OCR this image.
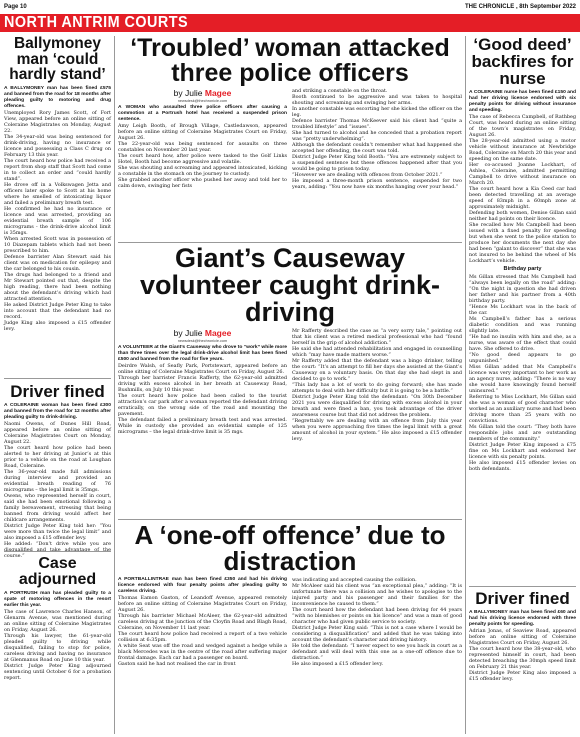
Page 10	THE CHRONICLE , 8th September 2022
NORTH ANTRIM COURTS
Ballymoney man ‘could hardly stand’

A BALLYMONEY man has been fined £575 and banned from the road for 18 months after pleading guilty to motoring and drug offences.

Unemployed Rory James Scott, of Fort View, appeared before an online sitting of Coleraine Magistrates on Monday, August 22.

The 34-year-old was being sentenced for drink-driving, having no insurance or licence and possessing a Class C drug on February 13 this year.

The court heard how police had received a report from shop staff that Scott had come in to collect an order and “could hardly stand”.

He drove off in a Volkswagen Jetta and officers later spoke to Scott at his home where he smelled of intoxicating liquor and failed a preliminary breath test.

He confirmed he had no insurance or licence and was arrested, providing an evidential breath sample of 106 micrograms - the drink-drive alcohol limit is 35mgs.

When arrested Scott was in possession of 10 Diazepam tablets which had not been prescribed to him.

Defence barrister Alan Stewart said his client was on medication for epilepsy and the car belonged to his cousin.

The drugs had belonged to a friend and Mr Stewart pointed out that, despite the high reading, there had been nothing about the defendant’s driving which had attracted attention.

He asked District Judge Peter King to take into account that the defendant had no record.

Judge King also imposed a £15 offender levy.

Driver fined

A COLERAINE woman has been fined £300 and banned from the road for 12 months after pleading guilty to drink-driving.

Naomi Owens, of Dunes Hill Road, appeared before an online sitting of Coleraine Magistrates Court on Monday, August 22.

The court heard how police had been alerted to her driving at Junior’s at this prior to a vehicle on the road at Loughan Road, Coleraine.

The 36-year-old made full admissions during interview and provided an evidential breath reading of 76 micrograms – the legal limit is 35mgs.

Owens, who represented herself in court, said she had been emotional following a family bereavement, stressing that being banned from driving would affect her childcare arrangements.

District Judge Peter King told her: “You were more than twice the legal limit” and also imposed a £15 offender levy.

He added: “Don’t drive while you are disqualified and take advantage of the course.” Case adjourned

A PORTRUSH man has pleaded guilty to a spate of motoring offences in the resort earlier this year.

The case of Lawrence Charles Hanson, of Glenarm Avenue, was mentioned during an online sitting of Coleraine Magistrates on Friday, August 26.

Through his lawyer, the 61-year-old pleaded guilty to driving while disqualified, failing to stop for police, careless driving and having no insurance at Glenmanus Road on June 10 this year.

District Judge Peter King adjourned sentencing until October 6 for a probation report.

‘Troubled’ woman attacked three police officers
by Julie Magee
newsdesk@thechronicle.com

A WOMAN who assaulted three police officers after causing a commotion at a Portrush hotel has received a suspended prison sentence.

Amy Leigh Booth, of Brough Village, Castledawson, appeared before an online sitting of Coleraine Magistrates Court on Friday, August 26.

The 22-year-old was being sentenced for assaults on three constables on November 20 last year.

The court heard how, after police were tasked to the Golf Links Hotel, Booth had become aggressive and volatile.

She was shouting and screaming and appeared intoxicated, kicking a constable in the stomach on the journey to custody.

She grabbed another officer who pushed her away and told her to calm down, swinging her fists

and striking a constable on the throat.

Booth continued to be aggressive and was taken to hospital shouting and screaming and swinging her arms.

In another constable was escorting her she kicked the officer on the leg.

Defence barrister Thomas McKeever said his client had “quite a troubled lifestyle” and “issues”.

She had turned to alcohol and he conceded that a probation report was “pretty underwhelming”.

Although the defendant couldn’t remember what had happened she accepted her offending, the court was told.

District Judge Peter King told Booth: “You are extremely subject to a suspended sentence but these offences happened after that you would be going to prison today.

“However we are dealing with offences from October 2021.”

He imposed a three-month prison sentence, suspended for two years, adding: “You now have six months hanging over your head.”

Giant’s Causeway volunteer caught drink-driving
by Julie Magee
newsdesk@thechronicle.com

A VOLUNTEER at the Giant’s Causeway who drove to “work” while more than three times over the legal drink-drive alcohol limit has been fined £500 and banned from the road for five years.

Deirdre Walsh, of Seafly Park, Portstewart, appeared before an online sitting of Coleraine Magistrates Court on Friday, August 26.

Through her barrister Francis Rafferty, the 62-year-old admitted driving with excess alcohol in her breath at Causeway Road, Bushmills, on July 10 this year.

The court heard how police had been called to the tourist attraction’s car park after a woman reported the defendant driving erratically, on the wrong side of the road and mounting the pavement.

The defendant failed a preliminary breath test and was arrested. While in custody she provided an evidential sample of 125 micrograms – the legal drink-drive limit is 35 mgs.

Mr Rafferty described the case as “a very sorry tale,” pointing out that his client was a retired medical professional who had “found herself in the grip of alcohol addiction.”

He said she had attended rehabilitation and engaged in counselling which “may have made matters worse.”

Mr Rafferty added that the defendant was a bingo drinker, telling the court: “It’s an attempt to fill her days she assisted at the Giant’s Causeway on a voluntary basis. On that day she had slept in and decided to go to work.”

“This lady has a lot of work to do going forward; she has made attempts to deal with her difficulty but it is going to be a battle.”

District Judge Peter King told the defendant: “On 30th December 2021 you were disqualified for driving with excess alcohol in your breath and were fined a ban, you took advantage of the driver awareness course but that did not address the problem.

“Regrettably we are dealing with an offence from July this year when you were approaching five times the legal limit with a great amount of alcohol in your system.” He also imposed a £15 offender levy.

A ‘one-off offence’ due to distraction

A PORTBALLINTRAE man has been fined £350 and had his driving licence endorsed with four penalty points after pleading guilty to careless driving.

Thomas Eamon Gaston, of Leandoff Avenue, appeared remotely before an online sitting of Coleraine Magistrates Court on Friday, August 26.

Through his barrister Michael McAleer, the 62-year-old admitted careless driving at the junction of the Cloyfin Road and Blagh Road, Coleraine, on November 11 last year.

The court heard how police had received a report of a two vehicle collision at 6:35pm.

A white Seat was off the road and wedged against a hedge while a black Mercedes was in the centre of the road after suffering major frontal damage. Each car had a passenger on board.

Gaston said he had not realised the car in front

was indicating and accepted causing the collision.

Mr McAleer said his client was “an exceptional plea,” adding: “It is unfortunate there was a collision and he wishes to apologise to the injured party and his passenger and their families for the inconvenience he caused to them.”

The court heard how the defendant had been driving for 44 years “with no blemishes or points on his licence” and was a man of good character who had given public service to society.

District Judge Peter King said: “This is not a case where I would be considering a disqualification” and added that he was taking into account the defendant’s character and driving history.

He told the defendant: “I never expect to see you back in court as a defendant and will deal with this one as a one-off offence due to distraction.”

He also imposed a £15 offender levy.

‘Good deed’ backfires for nurse

A COLERAINE nurse has been fined £150 and had her driving licence endorsed with six penalty points for driving without insurance and speeding.

The case of Rebecca Campbell, of Rathbeg Court, was heard during an online sitting of the town’s magistrates on Friday, August 26.

The 28-year-old admitted using a motor vehicle without insurance at Newbridge Road, Coleraine on March 20 this year and speeding on the same date.

Her co-accused Joanne Lockhart, of Ashlea, Coleraine, admitted permitting Campbell to drive without insurance on March 20.

The court heard how a Kia Ceed car had been detected travelling at an average speed of 83mph in a 60mph zone at approximately midnight.

Defending both women, Denise Gillan said neither had points on their licence.

She recalled how Ms Campbell had been issued with a fixed penalty for speeding but when she went to the police station to produce her documents the next day she had been “galant to discover” that she was not insured to be behind the wheel of Ms Lockhart’s vehicle.

Birthday party

Ms Gillan stressed that Ms Campbell had “always been legally on the road” adding: “On the night in question she had driven her father and his partner from a 40th birthday party.

“Hence Ms Lockhart was in the back of the car.

Ms Campbell’s father has a serious diabetic condition and was running slightly late.

“He had no insulin with him and she, as a nurse, was aware of the effect that could have. She offered to drive.

“No good deed appears to go unpunished.”

Miss Gillan added that Ms Campbell’s licence was very important to her work as an agency nurse, adding: “There is no way she would have knowingly found herself uninsured.”

Referring to Miss Lockhart, Ms Gillan said she was a woman of good character who worked as an auxiliary nurse and had been driving more than 25 years with no convictions.

Ms Gillan told the court: “They both have responsible jobs and are outstanding members of the community.”

District Judge Peter King imposed a £75 fine on Ms Lockhart and endorsed her licence with six penalty points.

He also imposed £15 offender levies on both defendants.

Driver fined

A BALLYMONEY man has been fined £60 and had his driving licence endorsed with three penalty points for speeding.

Adrian Jonas, of Seaview Road, appeared before an online sitting of Coleraine Magistrates Court on Friday, August 26.

The court heard how the 38-year-old, who represented himself in court, had been detected breaching the 30mph speed limit on February 21 this year.

District Judge Peter King also imposed a £15 offender levy.
